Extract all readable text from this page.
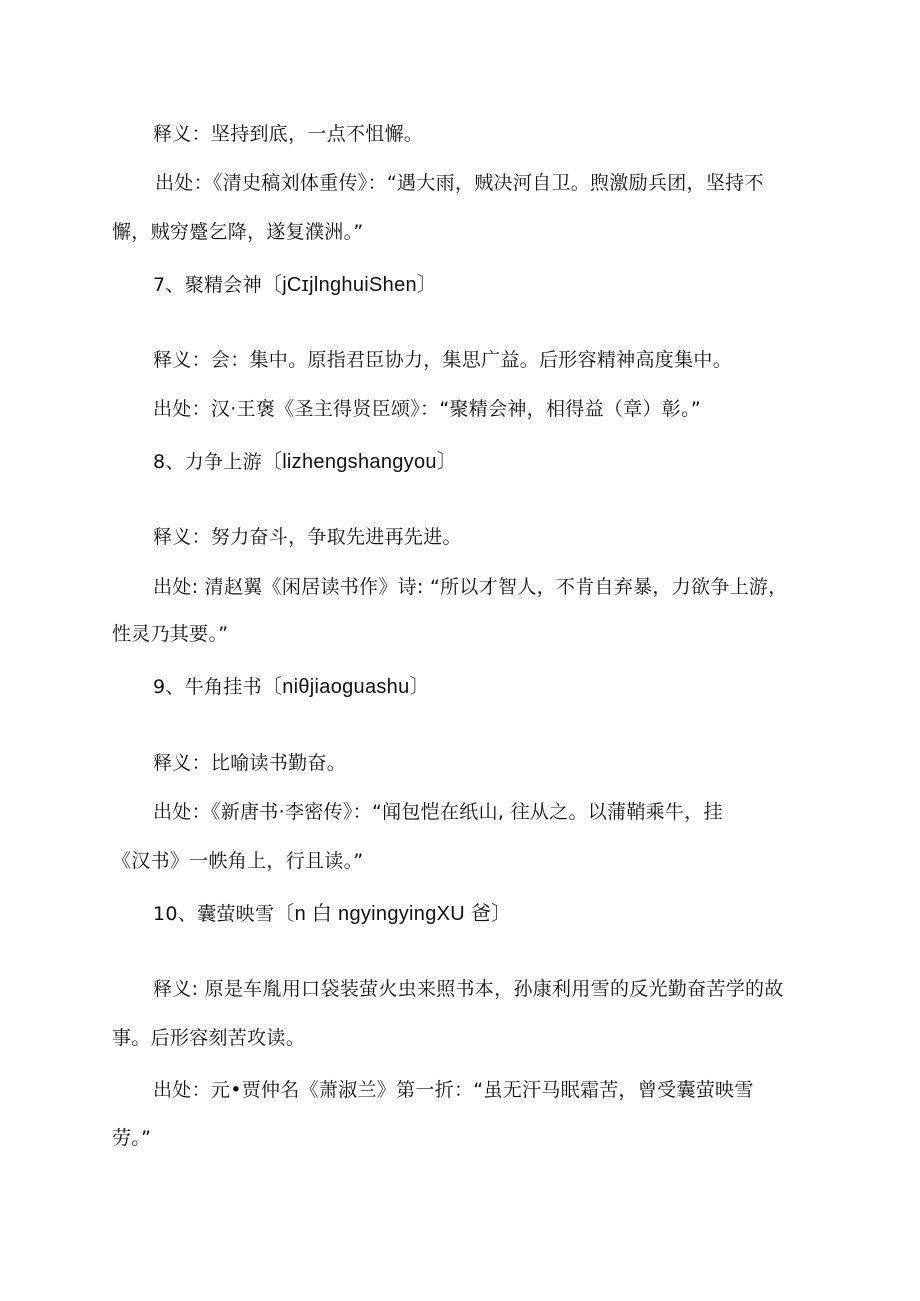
释义：坚持到底，一点不怚懈。
出处：《清史稿刘体重传》：“遇大雨，贼决河自卫。煦激励兵团，坚持不
懈，贼穷蹙乞降，遂复濮洲。”
7、聚精会神〔jCɪjlnghuiShen〕
释义：会：集中。原指君臣协力，集思广益。后形容精神高度集中。
出处：汉·王褒《圣主得贤臣颂》：“聚精会神，相得益（章）彰。”
8、力争上游〔lizhengshangyou〕
释义：努力奋斗，争取先进再先进。
出处: 清赵翼《闲居读书作》诗: “所以才智人，不肯自弃暴，力欲争上游，
性灵乃其要。”
9、牛角挂书〔niθjiaoguashu〕
释义：比喻读书勤奋。
出处：《新唐书·李密传》：“闻包恺在纸山, 往从之。以蒲鞘乘牛，挂
《汉书》一帙角上，行且读。”
10、囊萤映雪〔n 白 ngyingyingXU 爸〕
释义: 原是车胤用口袋装萤火虫来照书本，孙康利用雪的反光勤奋苦学的故
事。后形容刻苦攻读。
出处：元•贾仲名《萧淑兰》第一折：“虽无汗马眠霜苦，曾受囊萤映雪
劳。”
